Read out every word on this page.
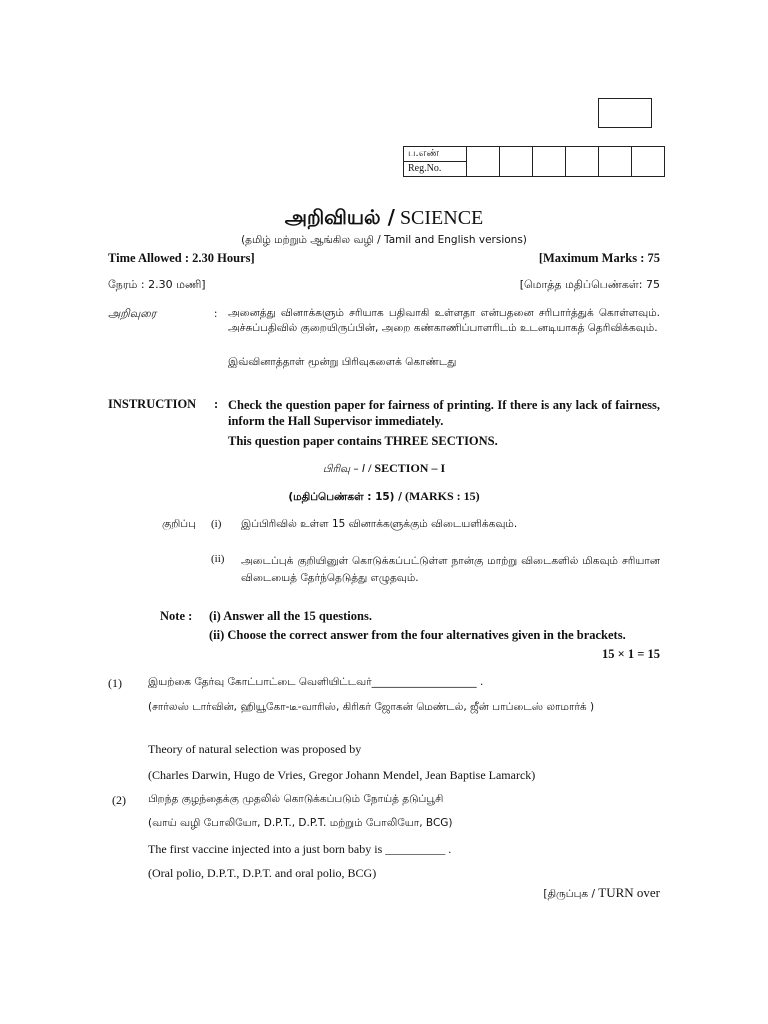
ப.எண்						
Reg.No.
அறிவியல் / SCIENCE
(தமிழ் மற்றும் ஆங்கில வழி / Tamil and English versions)
Time Allowed : 2.30 Hours]	[Maximum Marks : 75
நேரம் : 2.30 மணி]	[மொத்த மதிப்பெண்கள்: 75
அறிவுரை	: அனைத்து வினாக்களும் சரியாக பதிவாகி உள்ளதா என்பதனை சரிபார்த்துக் கொள்ளவும். அச்சுப்பதிவில் குறையிருப்பின், அறை கண்காணிப்பாளரிடம் உடனடியாகத் தெரிவிக்கவும்.
இவ்வினாத்தாள் மூன்று பிரிவுகளைக் கொண்டது
INSTRUCTION : Check the question paper for fairness of printing. If there is any lack of fairness, inform the Hall Supervisor immediately.
This question paper contains THREE SECTIONS.
பிரிவு – I / SECTION – I
(மதிப்பெண்கள் : 15) / (MARKS : 15)
குறிப்பு (i) இப்பிரிவில் உள்ள 15 வினாக்களுக்கும் விடையளிக்கவும்.
(ii) அடைப்புக் குறியினுள் கொடுக்கப்பட்டுள்ள நான்கு மாற்று விடைகளில் மிகவும் சரியான விடையைத் தேர்ந்தெடுத்து எழுதவும்.
Note : (i) Answer all the 15 questions.
(ii) Choose the correct answer from the four alternatives given in the brackets.
15 × 1 = 15
(1) இயற்கை தேர்வு கோட்பாட்டை வெளியிட்டவர்____________________ .
(சார்லஸ் டார்வின், ஹியூகோ-டீ-வாரிஸ், கிரிகர் ஜோகன் மெண்டல், ஜீன் பாப்டைஸ் லாமார்க் )
Theory of natural selection was proposed by
(Charles Darwin, Hugo de Vries, Gregor Johann Mendel, Jean Baptise Lamarck)
(2) பிறந்த குழந்தைக்கு முதலில் கொடுக்கப்படும் நோய்த் தடுப்பூசி
(வாய் வழி போலியோ, D.P.T., D.P.T. மற்றும் போலியோ, BCG)
The first vaccine injected into a just born baby is __________ .
(Oral polio, D.P.T., D.P.T. and oral polio, BCG)
[திருப்புக / TURN over
